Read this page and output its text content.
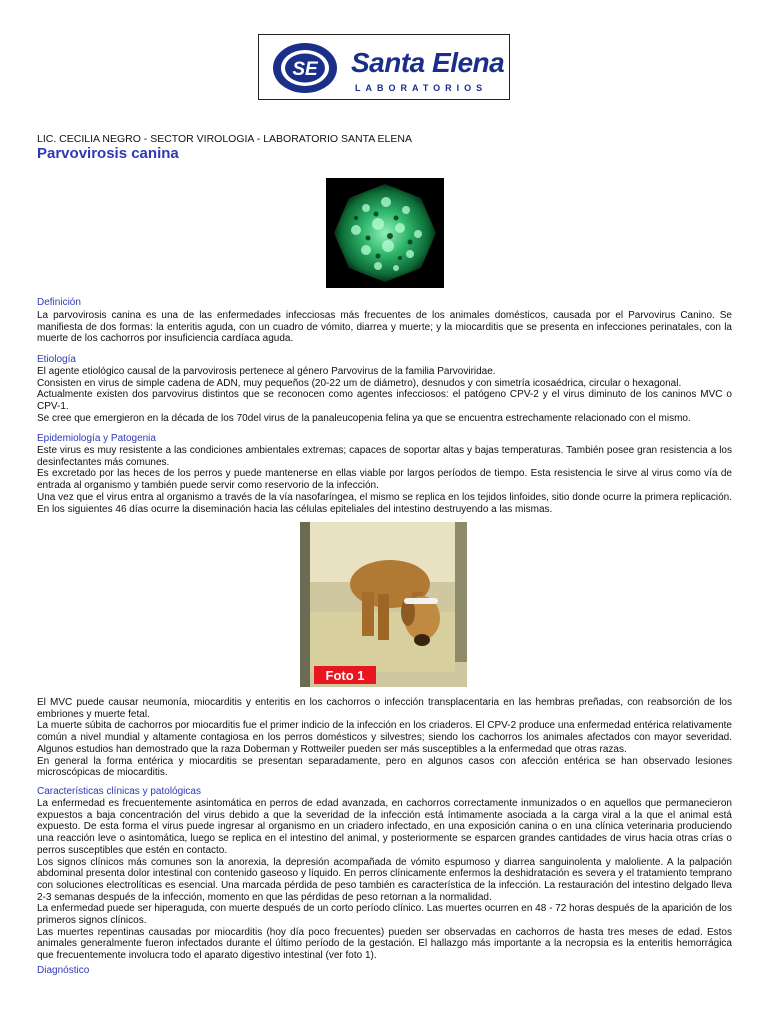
SE Santa Elena
LABORATORIOS
LIC. CECILIA NEGRO - SECTOR VIROLOGIA - LABORATORIO SANTA ELENA
Parvovirosis canina
Definición

La parvovirosis canina es una de las enfermedades infecciosas más frecuentes de los animales domésticos, causada por el Parvovirus Canino. Se manifiesta de dos formas: la enteritis aguda, con un cuadro de vómito, diarrea y muerte; y la miocarditis que se presenta en infecciones perinatales, con la muerte de los cachorros por insuficiencia cardíaca aguda.

Etiología

El agente etiológico causal de la parvovirosis pertenece al género Parvovirus de la familia Parvoviridae.

Consisten en virus de simple cadena de ADN, muy pequeños (20-22 um de diámetro), desnudos y con simetría icosaédrica, circular o hexagonal.

Actualmente existen dos parvovirus distintos que se reconocen como agentes infecciosos: el patógeno CPV-2 y el virus diminuto de los caninos MVC o CPV-1.

Se cree que emergieron en la década de los 70del virus de la panaleucopenia felina ya que se encuentra estrechamente relacionado con el mismo.

Epidemiología y Patogenia

Este virus es muy resistente a las condiciones ambientales extremas; capaces de soportar altas y bajas temperaturas. También posee gran resistencia a los desinfectantes más comunes.

Es excretado por las heces de los perros y puede mantenerse en ellas viable por largos períodos de tiempo. Esta resistencia le sirve al virus como vía de entrada al organismo y también puede servir como reservorio de la infección.

Una vez que el virus entra al organismo a través de la vía nasofaríngea, el mismo se replica en los tejidos linfoides, sitio donde ocurre la primera replicación. En los siguientes 46 días ocurre la diseminación hacia las células epiteliales del intestino destruyendo a las mismas.

Foto 1

El MVC puede causar neumonía, miocarditis y enteritis en los cachorros o infección transplacentaria en las hembras preñadas, con reabsorción de los embriones y muerte fetal.

La muerte súbita de cachorros por miocarditis fue el primer indicio de la infección en los criaderos. El CPV-2 produce una enfermedad entérica relativamente común a nivel mundial y altamente contagiosa en los perros domésticos y silvestres; siendo los cachorros los animales afectados con mayor severidad. Algunos estudios han demostrado que la raza Doberman y Rottweiler pueden ser más susceptibles a la enfermedad que otras razas.

En general la forma entérica y miocarditis se presentan separadamente, pero en algunos casos con afección entérica se han observado lesiones microscópicas de miocarditis.

Características clínicas y patológicas

La enfermedad es frecuentemente asintomática en perros de edad avanzada, en cachorros correctamente inmunizados o en aquellos que permanecieron expuestos a baja concentración del virus debido a que la severidad de la infección está íntimamente asociada a la carga viral a la que el animal está expuesto. De esta forma el virus puede ingresar al organismo en un criadero infectado, en una exposición canina o en una clínica veterinaria produciendo una reacción leve o asintomática, luego se replica en el intestino del animal, y posteriormente se esparcen grandes cantidades de virus hacia otras crías o perros susceptibles que estén en contacto.

Los signos clínicos más comunes son la anorexia, la depresión acompañada de vómito espumoso y diarrea sanguinolenta y maloliente. A la palpación abdominal presenta dolor intestinal con contenido gaseoso y líquido. En perros clínicamente enfermos la deshidratación es severa y el tratamiento temprano con soluciones electrolíticas es esencial. Una marcada pérdida de peso también es característica de la infección. La restauración del intestino delgado lleva 2-3 semanas después de la infección, momento en que las pérdidas de peso retornan a la normalidad.

La enfermedad puede ser hiperaguda, con muerte después de un corto período clínico. Las muertes ocurren en 48 - 72 horas después de la aparición de los primeros signos clínicos.

Las muertes repentinas causadas por miocarditis (hoy día poco frecuentes) pueden ser observadas en cachorros de hasta tres meses de edad. Estos animales generalmente fueron infectados durante el último período de la gestación. El hallazgo más importante a la necropsia es la enteritis hemorrágica que frecuentemente involucra todo el aparato digestivo intestinal (ver foto 1).

Diagnóstico
